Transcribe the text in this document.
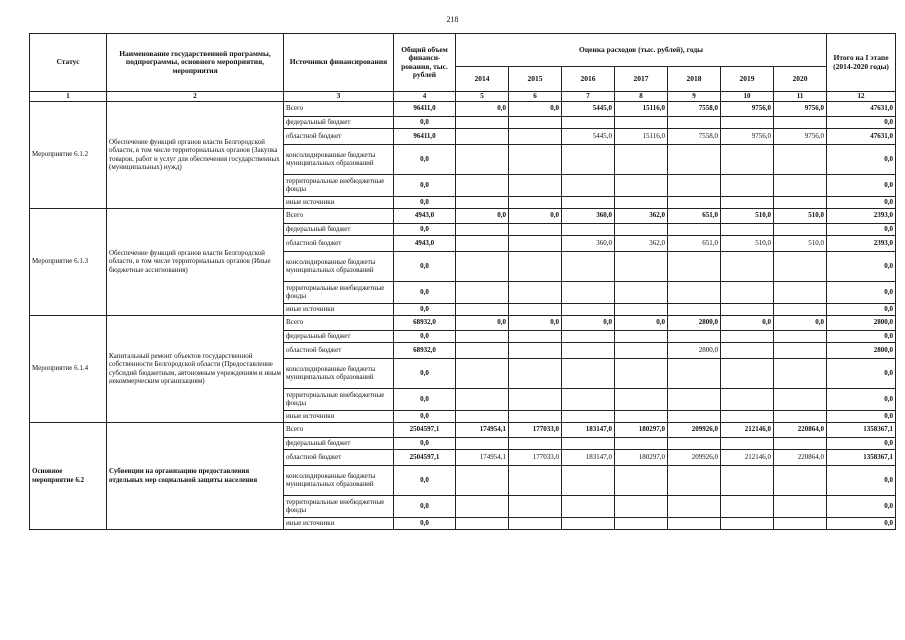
218
Статус	Наименование государственной программы, подпрограммы, основного мероприятия, мероприятия	Источники финансирования	Общий объем финанси-рования, тыс. рублей	Оценка расходов (тыс. рублей), годы							Итого на I этапе (2014-2020 годы)
				2014	2015	2016	2017	2018	2019	2020	
1	2	3	4	5	6	7	8	9	10	11	12
Мероприятие 6.1.2	Обеспечение функций органов власти Белгородской области, в том числе территориальных органов (Закупка товаров, работ и услуг для обеспечения государственных (муниципальных) нужд)	Всего	96411,0	0,0	0,0	5445,0	15116,0	7558,0	9756,0	9756,0	47631,0
		федеральный бюджет	0,0								0,0
		областной бюджет	96411,0			5445,0	15116,0	7558,0	9756,0	9756,0	47631,0
		консолидированные бюджеты муниципальных образований	0,0								0,0
		территориальные внебюджетные фонды	0,0								0,0
		иные источники	0,0								0,0
Мероприятие 6.1.3	Обеспечение функций органов власти Белгородской области, в том числе территориальных органов (Иные бюджетные ассигнования)	Всего	4943,0	0,0	0,0	360,0	362,0	651,0	510,0	510,0	2393,0
		федеральный бюджет	0,0								0,0
		областной бюджет	4943,0			360,0	362,0	651,0	510,0	510,0	2393,0
		консолидированные бюджеты муниципальных образований	0,0								0,0
		территориальные внебюджетные фонды	0,0								0,0
		иные источники	0,0								0,0
Мероприятие 6.1.4	Капитальный ремонт объектов государственной собственности Белгородской области (Предоставление субсидий бюджетным, автономным учреждениям и иным некоммерческим организациям)	Всего	68932,0	0,0	0,0	0,0	0,0	2800,0	0,0	0,0	2800,0
		федеральный бюджет	0,0								0,0
		областной бюджет	68932,0					2800,0			2800,0
		консолидированные бюджеты муниципальных образований	0,0								0,0
		территориальные внебюджетные фонды	0,0								0,0
		иные источники	0,0								0,0
Основное мероприятие 6.2	Субвенции на организацию предоставления отдельных мер социальной защиты населения	Всего	2504597,1	174954,1	177033,0	183147,0	180297,0	209926,0	212146,0	220864,0	1358367,1
		федеральный бюджет	0,0								0,0
		областной бюджет	2504597,1	174954,1	177033,0	183147,0	180297,0	209926,0	212146,0	220864,0	1358367,1
		консолидированные бюджеты муниципальных образований	0,0								0,0
		территориальные внебюджетные фонды	0,0								0,0
		иные источники	0,0								0,0
